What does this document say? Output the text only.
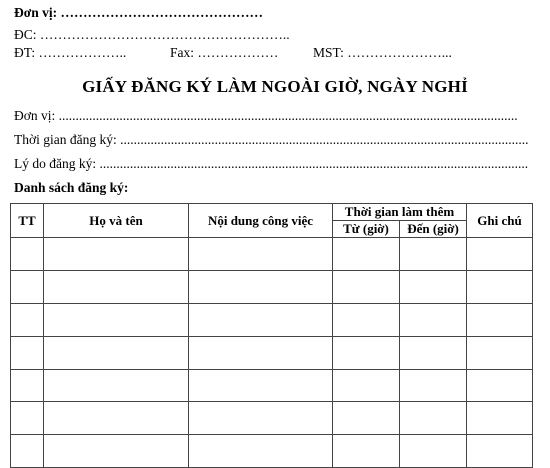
Đơn vị: ………………………………………
ĐC: ………………………………………………..
ĐT: ………………..	Fax: ………………	MST: …………………...
GIẤY ĐĂNG KÝ LÀM NGOÀI GIỜ, NGÀY NGHỈ
Đơn vị: ........................................................................................................................................
Thời gian đăng ký: .........................................................................................................................
Lý do đăng ký: ...............................................................................................................................
Danh sách đăng ký:
TT	Họ và tên	Nội dung công việc	Thời gian làm thêm		Ghi chú
			Từ (giờ)	Đến (giờ)	
